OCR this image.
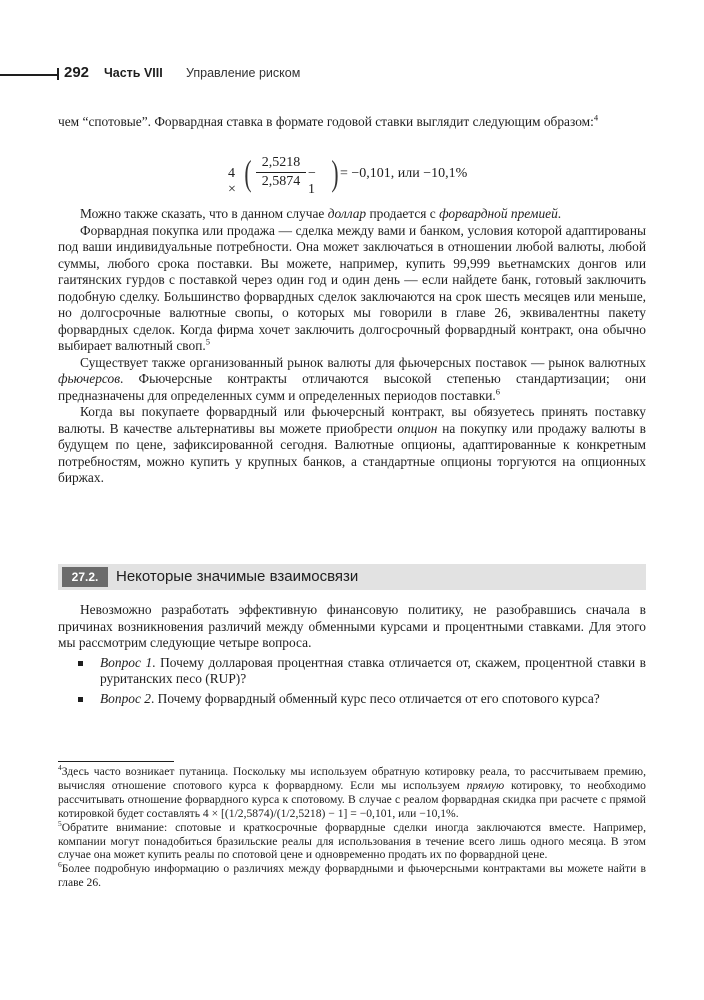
292 Часть VIII Управление риском

чем “спотовые”. Форвардная ставка в формате годовой ставки выглядит следующим образом:$^4$

4 × ( $\frac{2,5218}{2,5874} - 1$ ) = −0,101, или −10,1%

Можно также сказать, что в данном случае доллар продается с форвардной премией.

Форвардная покупка или продажа — сделка между вами и банком, условия которой адаптированы под ваши индивидуальные потребности. Она может заключаться в отношении любой валюты, любой суммы, любого срока поставки. Вы можете, например, купить 99,999 вьетнамских донгов или гаитянских гурдов с поставкой через один год и один день — если найдете банк, готовый заключить подобную сделку. Большинство форвардных сделок заключаются на срок шесть месяцев или меньше, но долгосрочные валютные свопы, о которых мы говорили в главе 26, эквивалентны пакету форвардных сделок. Когда фирма хочет заключить долгосрочный форвардный контракт, она обычно выбирает валютный своп.$^5$

Существует также организованный рынок валюты для фьючерсных поставок — рынок валютных фьючерсов. Фьючерсные контракты отличаются высокой степенью стандартизации; они предназначены для определенных сумм и определенных периодов поставки.$^6$

Когда вы покупаете форвардный или фьючерсный контракт, вы обязуетесь принять поставку валюты. В качестве альтернативы вы можете приобрести опцион на покупку или продажу валюты в будущем по цене, зафиксированной сегодня. Валютные опционы, адаптированные к конкретным потребностям, можно купить у крупных банков, а стандартные опционы торгуются на опционных биржах.

27.2.	Некоторые значимые взаимосвязи

Невозможно разработать эффективную финансовую политику, не разобравшись сначала в причинах возникновения различий между обменными курсами и процентными ставками. Для этого мы рассмотрим следующие четыре вопроса.

Вопрос 1. Почему долларовая процентная ставка отличается от, скажем, процентной ставки в руританских песо (RUP)?
Вопрос 2. Почему форвардный обменный курс песо отличается от его спотового курса?

$^4$Здесь часто возникает путаница. Поскольку мы используем обратную котировку реала, то рассчитываем премию, вычисляя отношение спотового курса к форвардному. Если мы используем прямую котировку, то необходимо рассчитывать отношение форвардного курса к спотовому. В случае с реалом форвардная скидка при расчете с прямой котировкой будет составлять 4 × [(1/2,5874)/(1/2,5218) − 1] = −0,101, или −10,1%.

$^5$Обратите внимание: спотовые и краткосрочные форвардные сделки иногда заключаются вместе. Например, компании могут понадобиться бразильские реалы для использования в течение всего лишь одного месяца. В этом случае она может купить реалы по спотовой цене и одновременно продать их по форвардной цене.

$^6$Более подробную информацию о различиях между форвардными и фьючерсными контрактами вы можете найти в главе 26.
